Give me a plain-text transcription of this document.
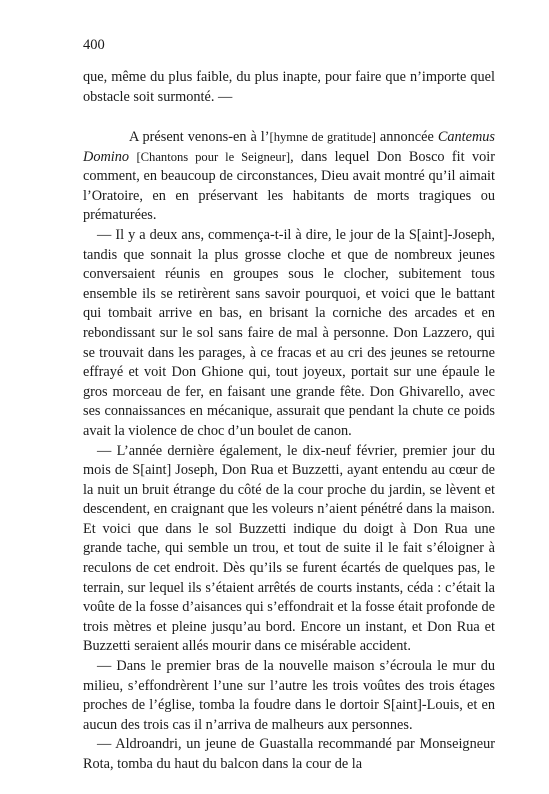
400

que, même du plus faible, du plus inapte, pour faire que n’importe quel obstacle soit surmonté. —

A présent venons-en à l’[hymne de gratitude] annoncée Cantemus Domino [Chantons pour le Seigneur], dans lequel Don Bosco fit voir comment, en beaucoup de circonstances, Dieu avait montré qu’il aimait l’Oratoire, en en préservant les habitants de morts tragiques ou prématurées.

— Il y a deux ans, commença-t-il à dire, le jour de la S[aint]-Joseph, tandis que sonnait la plus grosse cloche et que de nombreux jeunes conversaient réunis en groupes sous le clocher, subitement tous ensemble ils se retirèrent sans savoir pourquoi, et voici que le battant qui tombait arrive en bas, en brisant la corniche des arcades et en rebondissant sur le sol sans faire de mal à personne. Don Lazzero, qui se trouvait dans les parages, à ce fracas et au cri des jeunes se retourne effrayé et voit Don Ghione qui, tout joyeux, portait sur une épaule le gros morceau de fer, en faisant une grande fête. Don Ghivarello, avec ses connaissances en mécanique, assurait que pendant la chute ce poids avait la violence de choc d’un boulet de canon.

— L’année dernière également, le dix-neuf février, premier jour du mois de S[aint] Joseph, Don Rua et Buzzetti, ayant entendu au cœur de la nuit un bruit étrange du côté de la cour proche du jardin, se lèvent et descendent, en craignant que les voleurs n’aient pénétré dans la maison. Et voici que dans le sol Buzzetti indique du doigt à Don Rua une grande tache, qui semble un trou, et tout de suite il le fait s’éloigner à reculons de cet endroit. Dès qu’ils se furent écartés de quelques pas, le terrain, sur lequel ils s’étaient arrêtés de courts instants, céda : c’était la voûte de la fosse d’aisances qui s’effondrait et la fosse était profonde de trois mètres et pleine jusqu’au bord. Encore un instant, et Don Rua et Buzzetti seraient allés mourir dans ce misérable accident.

— Dans le premier bras de la nouvelle maison s’écroula le mur du milieu, s’effondrèrent l’une sur l’autre les trois voûtes des trois étages proches de l’église, tomba la foudre dans le dortoir S[aint]-Louis, et en aucun des trois cas il n’arriva de malheurs aux personnes.

— Aldroandri, un jeune de Guastalla recommandé par Monseigneur Rota, tomba du haut du balcon dans la cour de la
